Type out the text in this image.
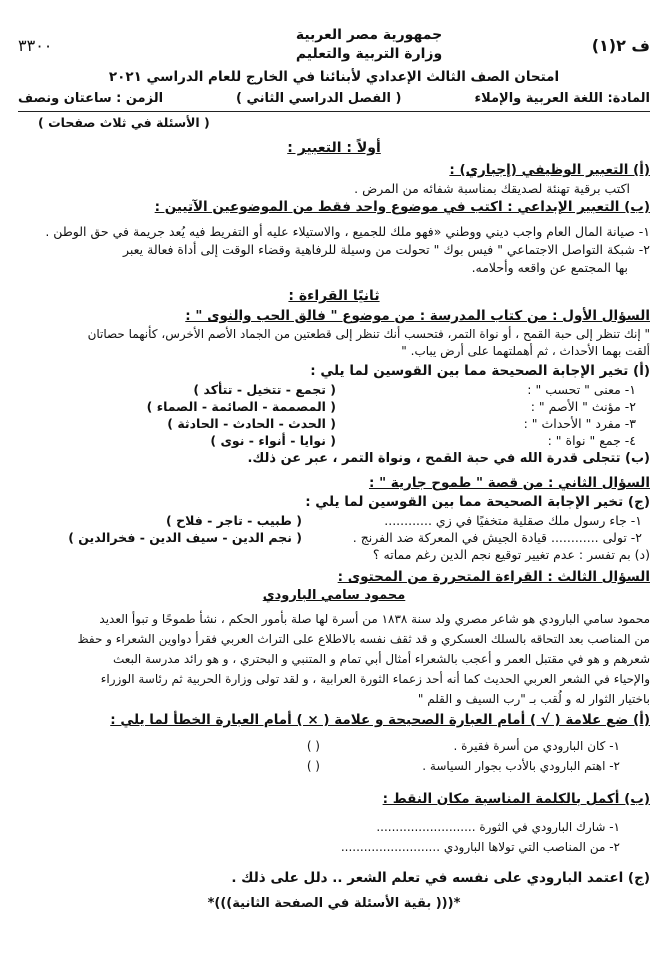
ف ٢(١)
جمهورية مصر العربية
وزارة التربية والتعليم
٣٣٠٠
امتحان الصف الثالث الإعدادي لأبنائنا في الخارج للعام الدراسي ٢٠٢١
المادة: اللغة العربية والإملاء
( الفصل الدراسي الثاني )
الزمن : ساعتان ونصف
( الأسئلة في ثلاث صفحات )
أولاً : التعبير :

(أ) التعبير الوظيفي (إجباري) :

اكتب برقية تهنئة لصديقك بمناسبة شفائه من المرض .

(ب) التعبير الإبداعي : اكتب في موضوع واحد فقط من الموضوعين الآتيين :

١- صيانة المال العام واجب ديني ووطني «فهو ملك للجميع ، والاستيلاء عليه أو التفريط فيه يُعد جريمة في حق الوطن .

٢- شبكة التواصل الاجتماعي " فيس بوك " تحولت من وسيلة للرفاهية وقضاء الوقت إلى أداة فعالة يعبر

بها المجتمع عن واقعه وأحلامه.

ثانيًا القراءة :

السؤال الأول : من كتاب المدرسة : من موضوع " فالق الحب والنوى " :

" إنك تنظر إلى حبة القمح ، أو نواة التمر، فتحسب أنك تنظر إلى قطعتين من الجماد الأصم الأخرس، كأنهما حصاتان

ألقت بهما الأحداث ، ثم أهملتهما على أرض يباب. "

(أ) تخير الإجابة الصحيحة مما بين القوسين لما يلي :

١- معنى " تحسب " :
( تجمع - تتخيل - تتأكد )
٢- مؤنث " الأصم " :
( المصممة - الصائمة - الصماء )
٣- مفرد " الأحداث " :
( الحدث - الحادث - الحادثة )
٤- جمع " نواة " :
( نوايا - أنواء - نوى )

(ب) تتجلى قدرة الله في حبة القمح ، ونواة التمر ، عبر عن ذلك.

السؤال الثاني : من قصة " طموح جارية " :

(ج) تخير الإجابة الصحيحة مما بين القوسين لما يلي :

١- جاء رسول ملك صقلية متخفيًا في زي ............
( طبيب - تاجر - فلاح )
٢- تولى ............ قيادة الجيش في المعركة ضد الفرنج .
( نجم الدين - سيف الدين - فخرالدين )

(د) بم تفسر : عدم تغيير توقيع نجم الدين رغم مماته ؟

السؤال الثالث : القراءة المتحررة من المحتوى :

محمود سامي البارودي

محمود سامي البارودي هو شاعر مصري ولد سنة ١٨٣٨ من أسرة لها صلة بأمور الحكم ، نشأ طموحًا و تبوأ العديد

من المناصب بعد التحاقه بالسلك العسكري و قد ثقف نفسه بالاطلاع على التراث العربي فقرأ دواوين الشعراء و حفظ

شعرهم و هو في مقتبل العمر و أعجب بالشعراء أمثال أبي تمام و المتنبي و البحتري ، و هو رائد مدرسة البعث

والإحياء في الشعر العربي الحديث كما أنه أحد زعماء الثورة العرابية ، و لقد تولى وزارة الحربية ثم رئاسة الوزراء

باختيار الثوار له و لُقب بـ "رب السيف و القلم "

(أ) ضع علامة ( √ ) أمام العبارة الصحيحة و علامة ( × ) أمام العبارة الخطأ لما يلي :

١- كان البارودي من أسرة فقيرة .
( )
٢- اهتم البارودي بالأدب بجوار السياسة .
( )

(ب) أكمل بالكلمة المناسبة مكان النقط :

١- شارك البارودي في الثورة ..........................

٢- من المناصب التي تولاها البارودي ..........................

(ج) اعتمد البارودي على نفسه في تعلم الشعر .. دلل على ذلك .

*((( بقية الأسئلة في الصفحة الثانية)))*
